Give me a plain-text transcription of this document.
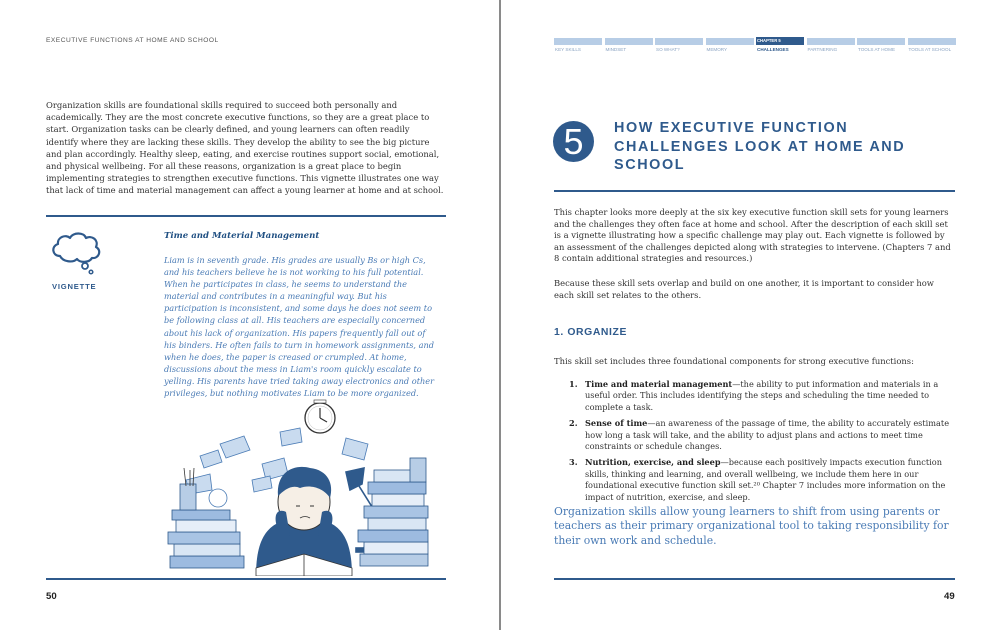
EXECUTIVE FUNCTIONS AT HOME AND SCHOOL

Organization skills are foundational skills required to succeed both personally and academically. They are the most concrete executive functions, so they are a great place to start. Organization tasks can be clearly defined, and young learners can often readily identify where they are lacking these skills. They develop the ability to see the big picture and plan accordingly. Healthy sleep, eating, and exercise routines support social, emotional, and physical wellbeing. For all these reasons, organization is a great place to begin implementing strategies to strengthen executive functions. This vignette illustrates one way that lack of time and material management can affect a young learner at home and at school.

VIGNETTE
Time and Material Management

Liam is in seventh grade. His grades are usually Bs or high Cs, and his teachers believe he is not working to his full potential. When he participates in class, he seems to understand the material and contributes in a meaningful way. But his participation is inconsistent, and some days he does not seem to be following class at all. His teachers are especially concerned about his lack of organization. His papers frequently fall out of his binders. He often fails to turn in homework assignments, and when he does, the paper is creased or crumpled. At home, discussions about the mess in Liam's room quickly escalate to yelling. His parents have tried taking away electronics and other privileges, but nothing motivates Liam to be more organized.

50
KEY SKILLS	MINDSET	SO WHAT?	MEMORY
CHAPTER 5
CHALLENGES	PARTNERING	TOOLS AT HOME	TOOLS AT SCHOOL
5	HOW EXECUTIVE FUNCTION CHALLENGES LOOK AT HOME AND SCHOOL

This chapter looks more deeply at the six key executive function skill sets for young learners and the challenges they often face at home and school. After the description of each skill set is a vignette illustrating how a specific challenge may play out. Each vignette is followed by an assessment of the challenges depicted along with strategies to intervene. (Chapters 7 and 8 contain additional strategies and resources.)

Because these skill sets overlap and build on one another, it is important to consider how each skill set relates to the others.

1. ORGANIZE

This skill set includes three foundational components for strong executive functions:

1. Time and material management—the ability to put information and materials in a useful order. This includes identifying the steps and scheduling the time needed to complete a task.
2. Sense of time—an awareness of the passage of time, the ability to accurately estimate how long a task will take, and the ability to adjust plans and actions to meet time constraints or schedule changes.
3. Nutrition, exercise, and sleep—because each positively impacts execution function skills, thinking and learning, and overall wellbeing, we include them here in our foundational executive function skill set.²⁰ Chapter 7 includes more information on the impact of nutrition, exercise, and sleep.

Organization skills allow young learners to shift from using parents or teachers as their primary organizational tool to taking responsibility for their own work and schedule.

49
